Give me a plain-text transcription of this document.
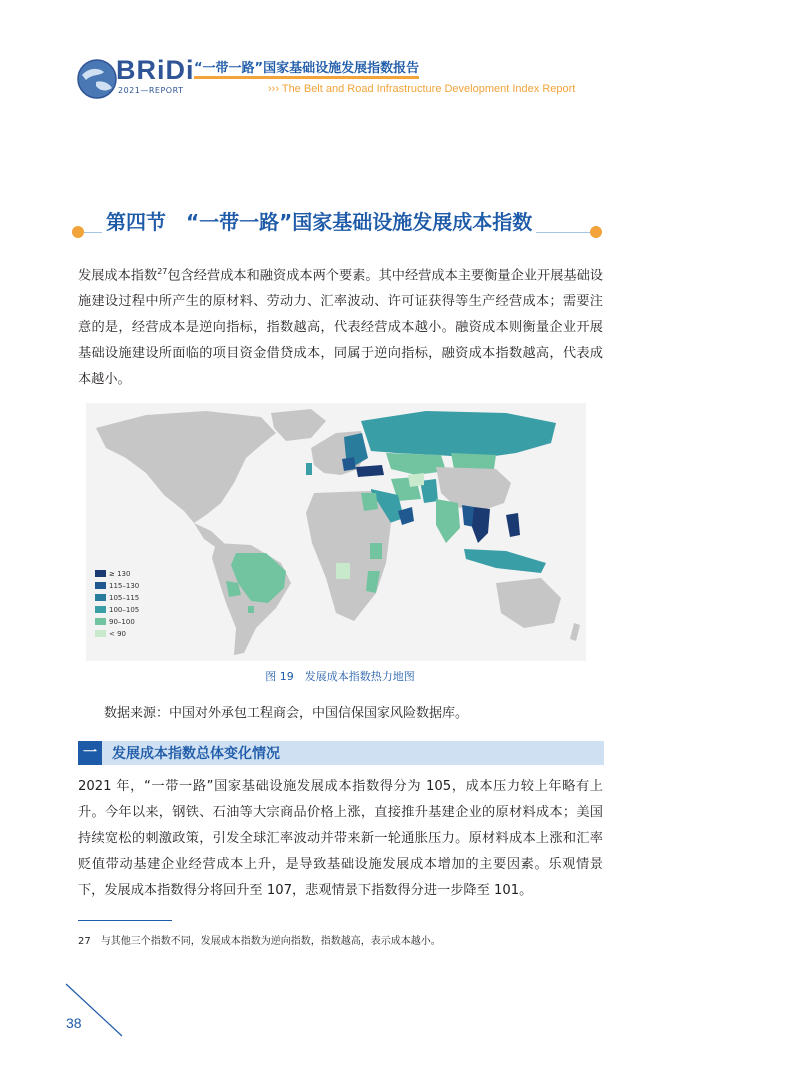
BRiDi
2021—REPORT
“一带一路”国家基础设施发展指数报告
››› The Belt and Road Infrastructure Development Index Report
第四节　“一带一路”国家基础设施发展成本指数
发展成本指数$^{27}$包含经营成本和融资成本两个要素。其中经营成本主要衡量企业开展基础设施建设过程中所产生的原材料、劳动力、汇率波动、许可证获得等生产经营成本；需要注意的是，经营成本是逆向指标，指数越高，代表经营成本越小。融资成本则衡量企业开展基础设施建设所面临的项目资金借贷成本，同属于逆向指标，融资成本指数越高，代表成本越小。
≥ 130
115–130
105–115
100–105
90–100
< 90
图 19　发展成本指数热力地图
数据来源：中国对外承包工程商会，中国信保国家风险数据库。
一	发展成本指数总体变化情况
2021 年，“一带一路”国家基础设施发展成本指数得分为 105，成本压力较上年略有上升。今年以来，钢铁、石油等大宗商品价格上涨，直接推升基建企业的原材料成本；美国持续宽松的刺激政策，引发全球汇率波动并带来新一轮通胀压力。原材料成本上涨和汇率贬值带动基建企业经营成本上升，是导致基础设施发展成本增加的主要因素。乐观情景下，发展成本指数得分将回升至 107，悲观情景下指数得分进一步降至 101。
27　与其他三个指数不同，发展成本指数为逆向指数，指数越高，表示成本越小。
38
